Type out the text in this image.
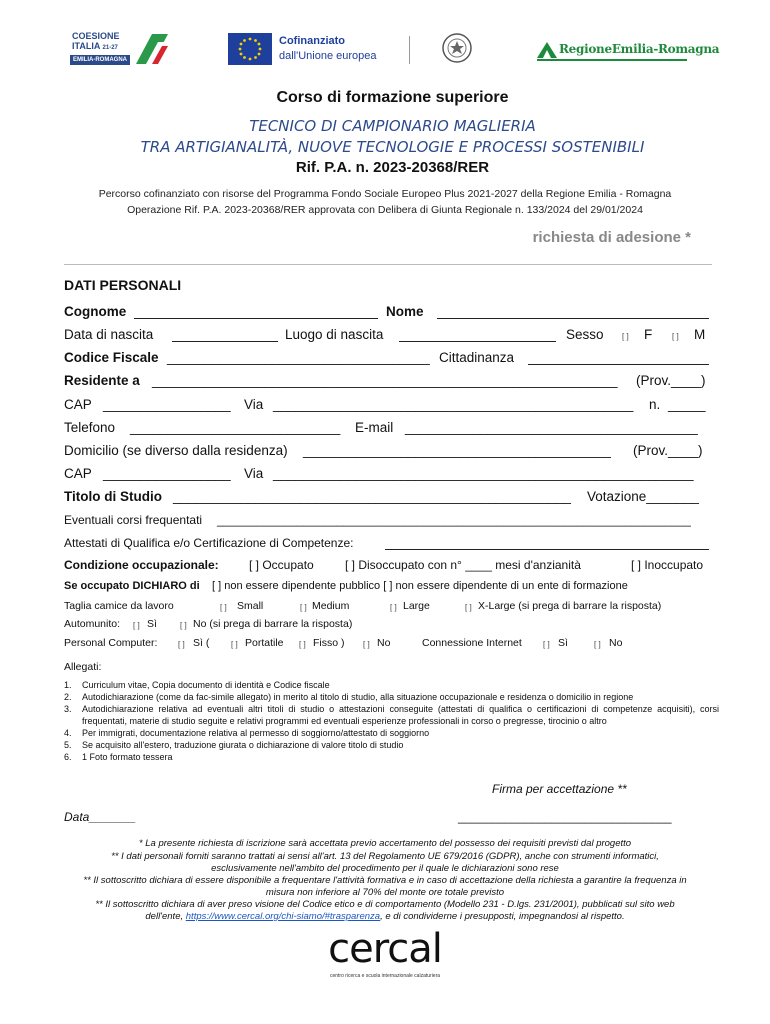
COESIONE
ITALIA 21-27
EMILIA-ROMAGNA
Cofinanziato
dall'Unione europea	RegioneEmilia-Romagna
Corso di formazione superiore
TECNICO DI CAMPIONARIO MAGLIERIA
TRA ARTIGIANALITÀ, NUOVE TECNOLOGIE E PROCESSI SOSTENIBILI
Rif. P.A. n. 2023-20368/RER
Percorso cofinanziato con risorse del Programma Fondo Sociale Europeo Plus 2021-2027 della Regione Emilia - Romagna
Operazione Rif. P.A. 2023-20368/RER approvata con Delibera di Giunta Regionale n. 133/2024 del 29/01/2024
richiesta di adesione *
DATI PERSONALI
Cognome	Nome
Data di nascita	Luogo di nascita	Sesso [ ] F [ ] M
Codice Fiscale ___________________________________ Cittadinanza
Residente a ______________________________________________________________ (Prov.____)
CAP _________________ Via ________________________________________________ n. _____
Telefono ____________________________ E-mail _______________________________________
Domicilio (se diverso dalla residenza) _________________________________________ (Prov.____)
CAP _________________ Via ________________________________________________________
Titolo di Studio _____________________________________________________ Votazione_______
Eventuali corsi frequentati _______________________________________________________________________
Attestati di Qualifica e/o Certificazione di Competenze:
Condizione occupazionale:	[ ] Occupato	[ ] Disoccupato con n° ____ mesi d'anzianità	[ ] Inoccupato
Se occupato DICHIARO di [ ] non essere dipendente pubblico [ ] non essere dipendente di un ente di formazione
Taglia camice da lavoro	[ ] Small	[ ] Medium	[ ] Large	[ ] X-Large (si prega di barrare la risposta)
Automunito: [ ] Sì	[ ] No (si prega di barrare la risposta)
Personal Computer:	[ ] Sì (	[ ] Portatile [ ] Fisso ) [ ] No	Connessione Internet	[ ] Sì	[ ] No
Allegati:
1. Curriculum vitae, Copia documento di identità e Codice fiscale
2. Autodichiarazione (come da fac-simile allegato) in merito al titolo di studio, alla situazione occupazionale e residenza o domicilio in regione
3. Autodichiarazione relativa ad eventuali altri titoli di studio o attestazioni conseguite (attestati di qualifica o certificazioni di competenze acquisiti), corsi frequentati, materie di studio seguite e relativi programmi ed eventuali esperienze professionali in corso o pregresse, tirocinio o altro
4. Per immigrati, documentazione relativa al permesso di soggiorno/attestato di soggiorno
5. Se acquisito all'estero, traduzione giurata o dichiarazione di valore titolo di studio
6. 1 Foto formato tessera
Firma per accettazione **
Data_______	________________________________
* La presente richiesta di iscrizione sarà accettata previo accertamento del possesso dei requisiti previsti dal progetto
** I dati personali forniti saranno trattati ai sensi all'art. 13 del Regolamento UE 679/2016 (GDPR), anche con strumenti informatici,
esclusivamente nell'ambito del procedimento per il quale le dichiarazioni sono rese
** Il sottoscritto dichiara di essere disponibile a frequentare l'attività formativa e in caso di accettazione della richiesta a garantire la frequenza in
misura non inferiore al 70% del monte ore totale previsto
** Il sottoscritto dichiara di aver preso visione del Codice etico e di comportamento (Modello 231 - D.lgs. 231/2001), pubblicati sul sito web
dell'ente, https://www.cercal.org/chi-siamo/#trasparenza, e di condividerne i presupposti, impegnandosi al rispetto.
cercal
centro ricerca e scuola internazionale calzaturiera
